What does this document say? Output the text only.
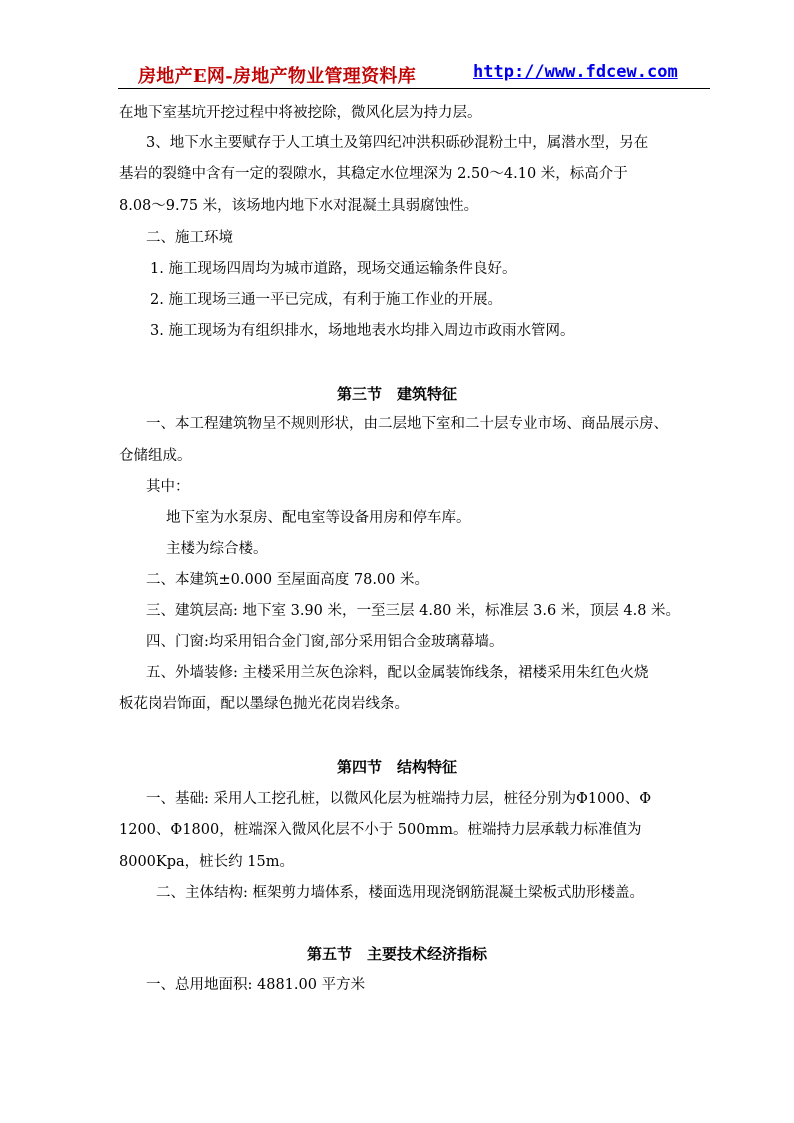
房地产E网-房地产物业管理资料库	http://www.fdcew.com
在地下室基坑开挖过程中将被挖除，微风化层为持力层。
3、地下水主要赋存于人工填土及第四纪冲洪积砾砂混粉土中，属潜水型，另在
基岩的裂缝中含有一定的裂隙水，其稳定水位埋深为 2.50～4.10 米，标高介于
8.08～9.75 米，该场地内地下水对混凝土具弱腐蚀性。
二、施工环境
1. 施工现场四周均为城市道路，现场交通运输条件良好。
2. 施工现场三通一平已完成，有利于施工作业的开展。
3. 施工现场为有组织排水，场地地表水均排入周边市政雨水管网。
第三节　建筑特征
一、本工程建筑物呈不规则形状，由二层地下室和二十层专业市场、商品展示房、
仓储组成。
其中：
地下室为水泵房、配电室等设备用房和停车库。
主楼为综合楼。
二、本建筑±0.000 至屋面高度 78.00 米。
三、建筑层高: 地下室 3.90 米，一至三层 4.80 米，标准层 3.6 米，顶层 4.8 米。
四、门窗:均采用铝合金门窗,部分采用铝合金玻璃幕墙。
五、外墙装修: 主楼采用兰灰色涂料，配以金属装饰线条，裙楼采用朱红色火烧
板花岗岩饰面，配以墨绿色抛光花岗岩线条。
第四节　结构特征
一、基础: 采用人工挖孔桩，以微风化层为桩端持力层，桩径分别为Φ1000、Φ
1200、Φ1800，桩端深入微风化层不小于 500mm。桩端持力层承载力标准值为
8000Kpa，桩长约 15m。
二、主体结构: 框架剪力墙体系，楼面选用现浇钢筋混凝土梁板式肋形楼盖。
第五节　主要技术经济指标
一、总用地面积: 4881.00 平方米
